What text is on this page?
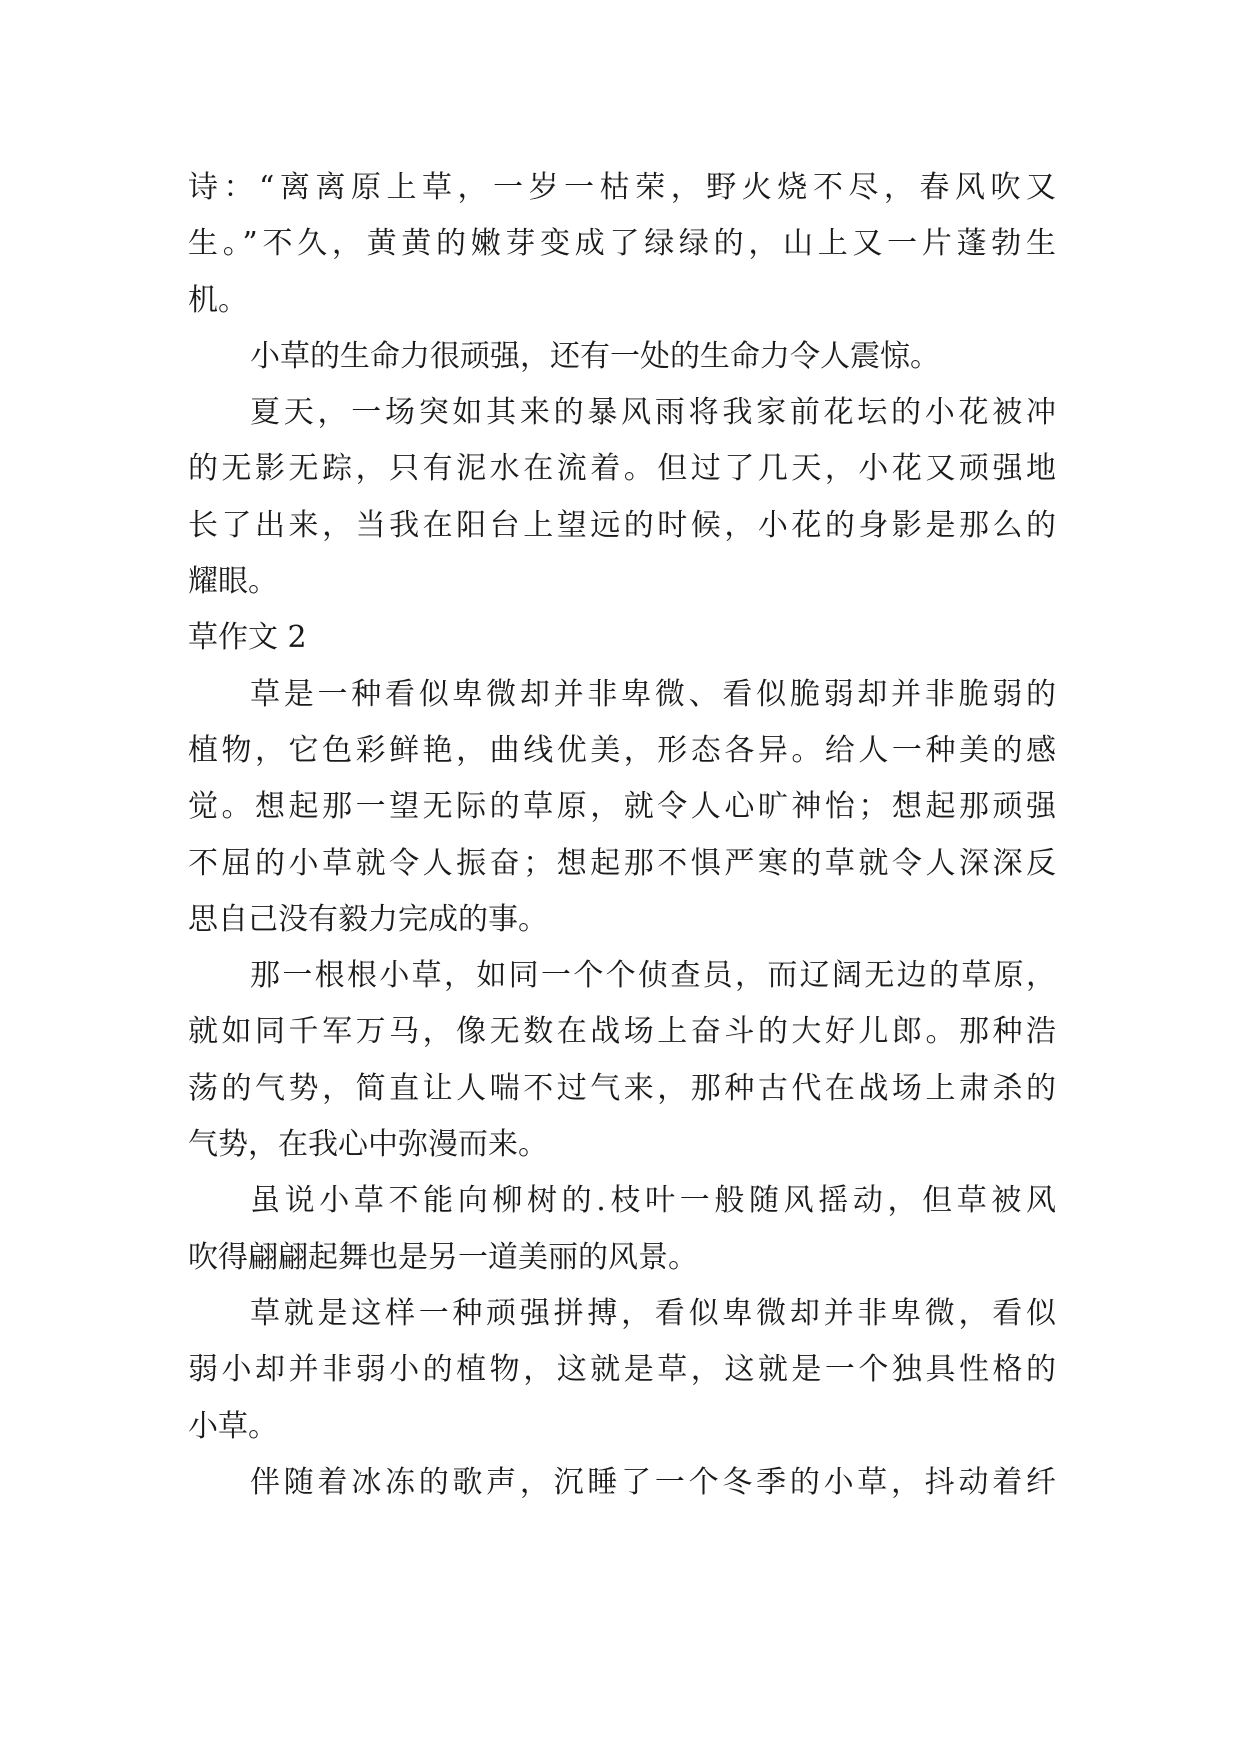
诗：“离离原上草，一岁一枯荣，野火烧不尽，春风吹又
生。”不久，黄黄的嫩芽变成了绿绿的，山上又一片蓬勃生
机。
小草的生命力很顽强，还有一处的生命力令人震惊。
夏天，一场突如其来的暴风雨将我家前花坛的小花被冲
的无影无踪，只有泥水在流着。但过了几天，小花又顽强地
长了出来，当我在阳台上望远的时候，小花的身影是那么的
耀眼。
草作文 2
草是一种看似卑微却并非卑微、看似脆弱却并非脆弱的
植物，它色彩鲜艳，曲线优美，形态各异。给人一种美的感
觉。想起那一望无际的草原，就令人心旷神怡；想起那顽强
不屈的小草就令人振奋；想起那不惧严寒的草就令人深深反
思自己没有毅力完成的事。
那一根根小草，如同一个个侦查员，而辽阔无边的草原，
就如同千军万马，像无数在战场上奋斗的大好儿郎。那种浩
荡的气势，简直让人喘不过气来，那种古代在战场上肃杀的
气势，在我心中弥漫而来。
虽说小草不能向柳树的.枝叶一般随风摇动，但草被风
吹得翩翩起舞也是另一道美丽的风景。
草就是这样一种顽强拼搏，看似卑微却并非卑微，看似
弱小却并非弱小的植物，这就是草，这就是一个独具性格的
小草。
伴随着冰冻的歌声，沉睡了一个冬季的小草，抖动着纤
